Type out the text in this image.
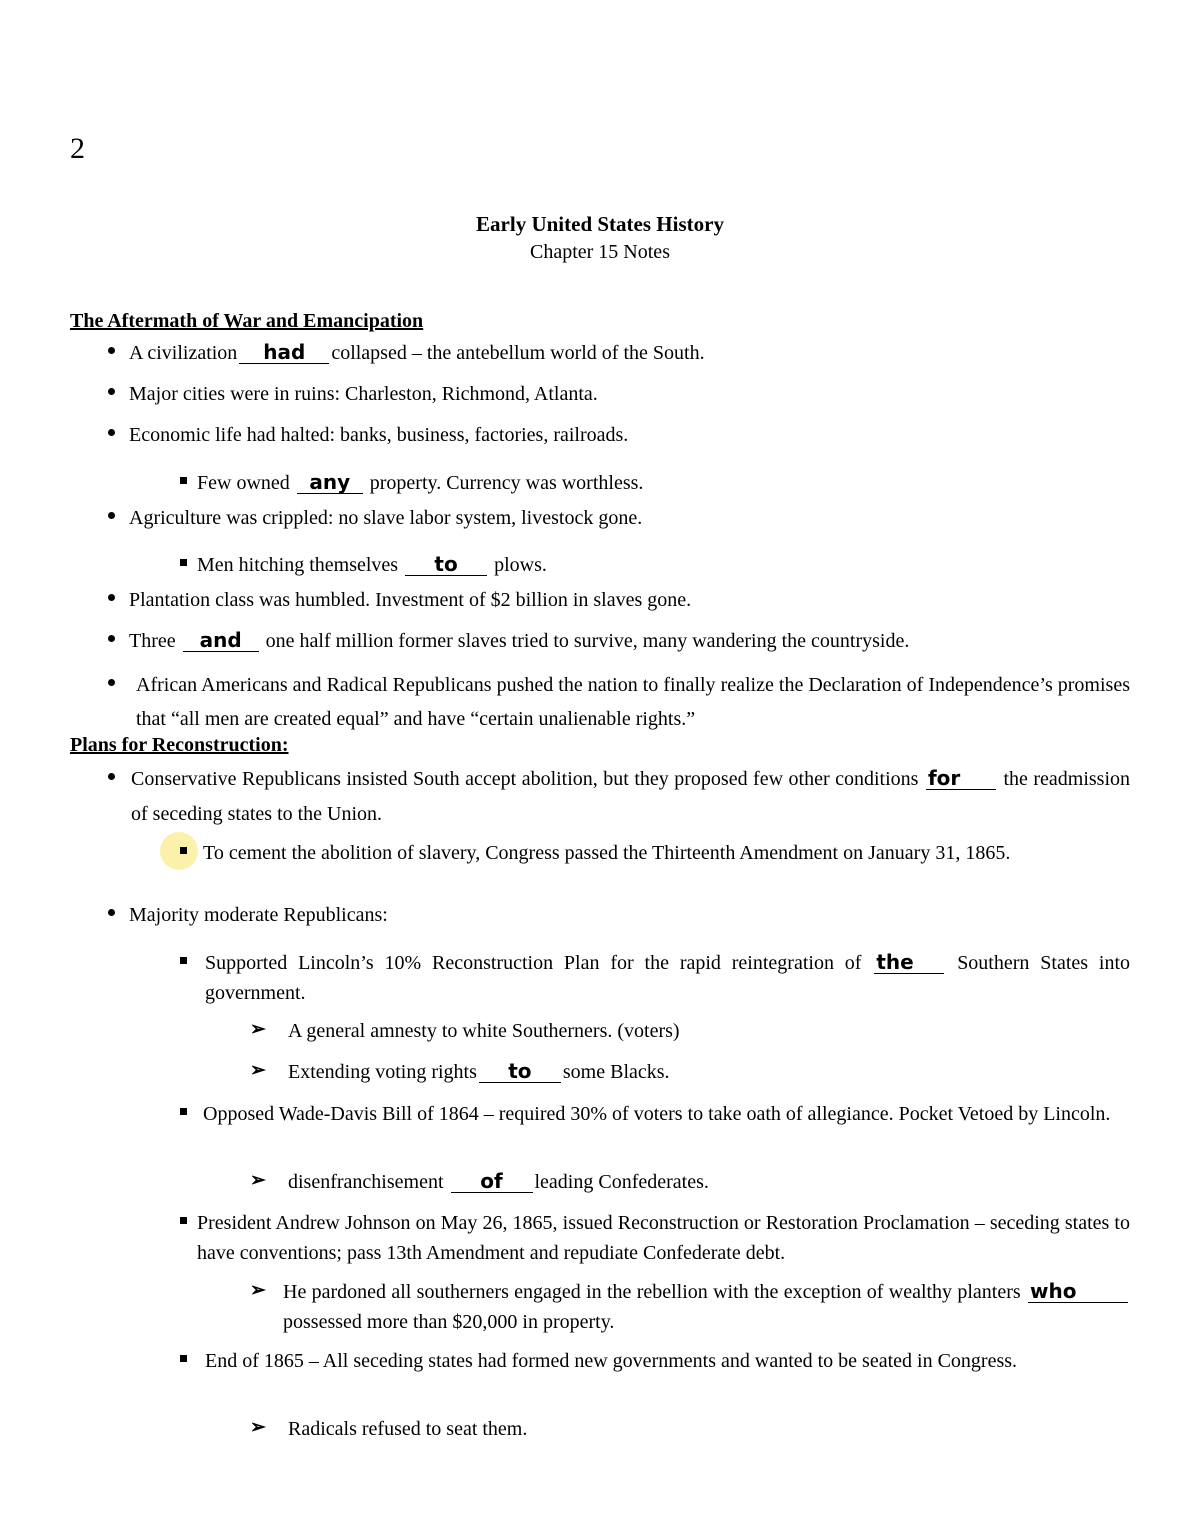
2
Early United States History
Chapter 15 Notes
The Aftermath of War and Emancipation
A civilization had collapsed – the antebellum world of the South.
Major cities were in ruins: Charleston, Richmond, Atlanta.
Economic life had halted: banks, business, factories, railroads.
Few owned any property. Currency was worthless.
Agriculture was crippled: no slave labor system, livestock gone.
Men hitching themselves to plows.
Plantation class was humbled. Investment of $2 billion in slaves gone.
Three and one half million former slaves tried to survive, many wandering the countryside.
African Americans and Radical Republicans pushed the nation to finally realize the Declaration of Independence’s promises that “all men are created equal” and have “certain unalienable rights.”
Plans for Reconstruction:
Conservative Republicans insisted South accept abolition, but they proposed few other conditions for the readmission of seceding states to the Union.
To cement the abolition of slavery, Congress passed the Thirteenth Amendment on January 31, 1865.
Majority moderate Republicans:
Supported Lincoln’s 10% Reconstruction Plan for the rapid reintegration of the Southern States into government.
➢ A general amnesty to white Southerners. (voters)
➢ Extending voting rights to some Blacks.
Opposed Wade-Davis Bill of 1864 – required 30% of voters to take oath of allegiance. Pocket Vetoed by Lincoln.
➢ disenfranchisement of leading Confederates.
President Andrew Johnson on May 26, 1865, issued Reconstruction or Restoration Proclamation – seceding states to have conventions; pass 13th Amendment and repudiate Confederate debt.
➢ He pardoned all southerners engaged in the rebellion with the exception of wealthy planters whopossessed more than $20,000 in property.
End of 1865 – All seceding states had formed new governments and wanted to be seated in Congress.
➢ Radicals refused to seat them.
